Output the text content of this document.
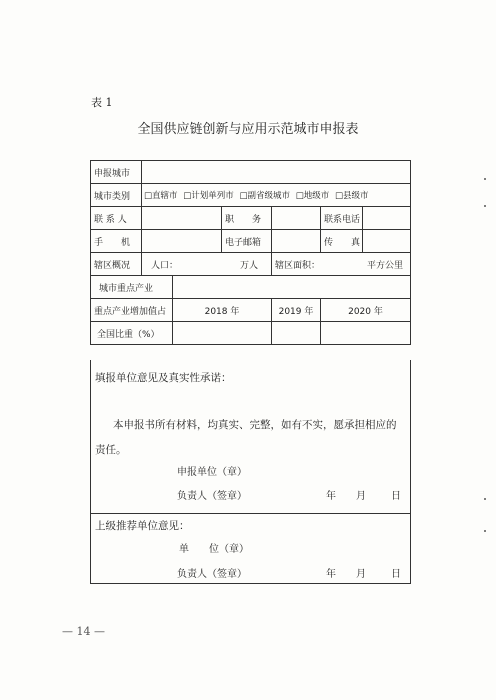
表 1
全国供应链创新与应用示范城市申报表
申报城市						
城市类别	□直辖市 □计划单列市 □副省级城市 □地级市 □县级市					
联 系 人			职　　务		联系电话	
手　　机			电子邮箱		传　　真	
辖区概况	人口： 万人			辖区面积： 平方公里		

城市重点产业						
重点产业增加值占		2018 年		2019 年	2020 年	
全国比重（%）						
填报单位意见及真实性承诺：
本申报书所有材料，均真实、完整，如有不实，愿承担相应的
责任。
申报单位（章）
负责人（签章）	年 月	日
上级推荐单位意见：
单　　位（章）
负责人（签章）	年 月	日
— 14 —
